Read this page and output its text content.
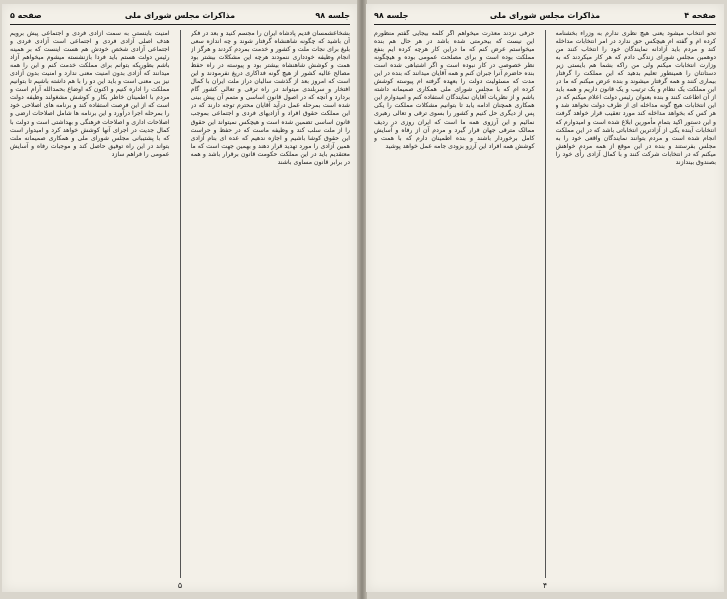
صفحه ۵	مذاکرات مجلس شورای ملی	جلسه ۹۸
بشخاعشمسان قدیم پادشاه ایران را مجسم کنید و بعد در فکر آن باشید که چگونه شاهنشاه گرفتار شوند و چه اندازه سعی بلیغ برای نجات ملت و کشور و خدمت بمردم کردند و هرگز از انجام وظیفه خودداری ننمودند هرچه این مشکلات بیشتر بود همت و کوشش شاهنشاه بیشتر بود و پیوسته در راه حفظ مصالح عالیه کشور از هیچ گونه فداکاری دریغ نفرمودند و این است که امروز بعد از گذشت سالیان دراز ملت ایران با کمال افتخار و سربلندی میتواند در راه ترقی و تعالی کشور گام بردارد و آنچه که در اصول قانون اساسی و متمم آن پیش بینی شده است بمرحله عمل درآید آقایان محترم توجه دارند که در این مملکت حقوق افراد و آزادیهای فردی و اجتماعی بموجب قانون اساسی تضمین شده است و هیچکس نمیتواند این حقوق را از ملت سلب کند و وظیفه ماست که در حفظ و حراست این حقوق کوشا باشیم و اجازه ندهیم که عده ای بنام آزادی همین آزادی را مورد تهدید قرار دهند و بهمین جهت است که ما معتقدیم باید در این مملکت حکومت قانون برقرار باشد و همه در برابر قانون مساوی باشند
امنیت باینستی به سمت آزادی فردی و اجتماعی پیش برویم هدف اصلی آزادی فردی و اجتماعی است آزادی فردی و اجتماعی آزادی شخص خودش هم هست اینست که بر همینه رئیس دولت هستم باید فردا بازنشسته میشوم میخواهم آزاد باشم بطوریکه بتوانم برای مملکت خدمت کنم و این را همه میدانند که آزادی بدون امنیت معنی ندارد و امنیت بدون آزادی نیز بی معنی است و باید این دو را با هم داشته باشیم تا بتوانیم مملکت را اداره کنیم و اکنون که اوضاع بحمدالله آرام است و مردم با اطمینان خاطر بکار و کوشش مشغولند وظیفه دولت است که از این فرصت استفاده کند و برنامه های اصلاحی خود را بمرحله اجرا درآورد و این برنامه ها شامل اصلاحات ارضی و اصلاحات اداری و اصلاحات فرهنگی و بهداشتی است و دولت با کمال جدیت در اجرای آنها کوشش خواهد کرد و امیدوار است که با پشتیبانی مجلس شورای ملی و همکاری صمیمانه ملت بتواند در این راه توفیق حاصل کند و موجبات رفاه و آسایش عمومی را فراهم سازد
۵
جلسه ۹۸	مذاکرات مجلس شورای ملی	صفحه ۴
تحو انتخاب میشود یعنی هیچ نظری ندارم به وزراء بخشنامه کرده ام و گفته ام هیچکس حق ندارد در امر انتخابات مداخله کند و مردم باید آزادانه نمایندگان خود را انتخاب کنند من دوهمین مجلس شورای زندگی دادم که هر کار میکردند که به وزارت انتخابات میکنم ولی من راکه بشما هم بایستی زیر دستانتان را همینطور تعلیم بدهید که این مملکت را گرفتار بیماری کنند و همه گرفتار میشوند و بنده عرض میکنم که ما در این مملکت یک نظام و یک ترتیب و یک قانون داریم و همه باید از آن اطاعت کنند و بنده بعنوان رئیس دولت اعلام میکنم که در این انتخابات هیچ گونه مداخله ای از طرف دولت نخواهد شد و هر کس که بخواهد مداخله کند مورد تعقیب قرار خواهد گرفت و این دستور اکید بتمام مأمورین ابلاغ شده است و امیدوارم که انتخابات آینده یکی از آزادترین انتخاباتی باشد که در این مملکت انجام شده است و مردم بتوانند نمایندگان واقعی خود را به مجلس بفرستند و بنده در این موقع از همه مردم خواهش میکنم که در انتخابات شرکت کنند و با کمال آزادی رأی خود را بصندوق بیندازند
حرفی نزدند معذرت میخواهم اگر کلمه بیجایی گفتم منظورم این نیست که بیحرمتی شده باشد در هر حال هم بنده میخواستم عرض کنم که ما دراین کار هرچه کرده ایم بنفع مملکت بوده است و برای مصلحت عمومی بوده و هیچگونه نظر خصوصی در کار نبوده است و اگر اشتباهی شده است بنده حاضرم آنرا جبران کنم و همه آقایان میدانند که بنده در این مدت که مسئولیت دولت را بعهده گرفته ام پیوسته کوشش کرده ام که با مجلس شورای ملی همکاری صمیمانه داشته باشم و از نظریات آقایان نمایندگان استفاده کنم و امیدوارم این همکاری همچنان ادامه یابد تا بتوانیم مشکلات مملکت را یکی پس از دیگری حل کنیم و کشور را بسوی ترقی و تعالی رهبری نمائیم و این آرزوی همه ما است که ایران روزی در ردیف ممالک مترقی جهان قرار گیرد و مردم آن از رفاه و آسایش کامل برخوردار باشند و بنده اطمینان دارم که با همت و کوشش همه افراد این آرزو بزودی جامه عمل خواهد پوشید
۴
